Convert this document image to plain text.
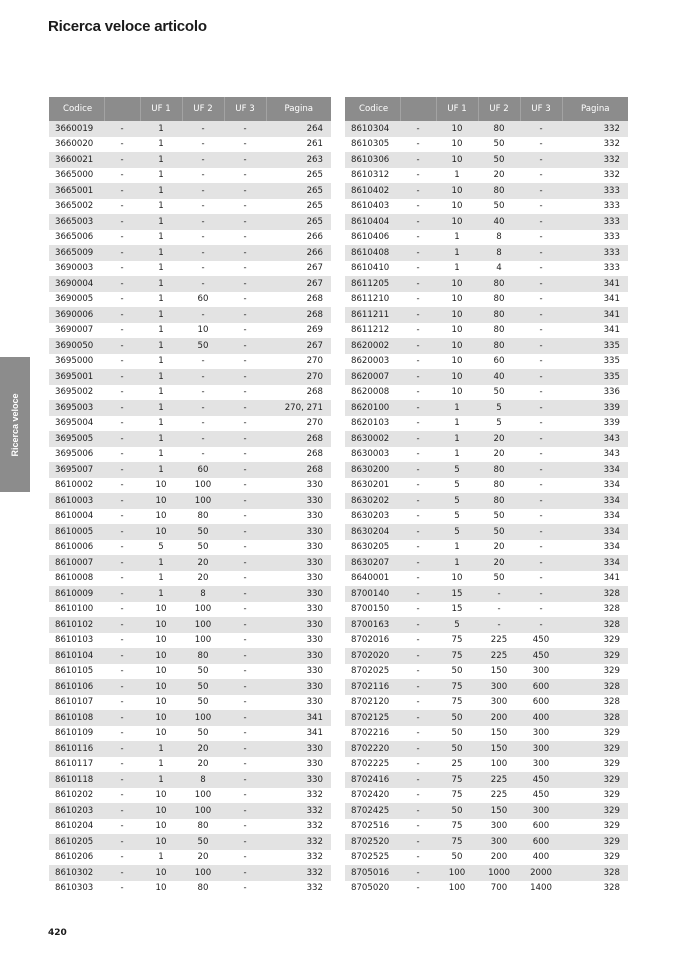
Ricerca veloce articolo
Ricerca veloce
Codice		UF 1	UF 2	UF 3	Pagina
3660019	-	1	-	-	264
3660020	-	1	-	-	261
3660021	-	1	-	-	263
3665000	-	1	-	-	265
3665001	-	1	-	-	265
3665002	-	1	-	-	265
3665003	-	1	-	-	265
3665006	-	1	-	-	266
3665009	-	1	-	-	266
3690003	-	1	-	-	267
3690004	-	1	-	-	267
3690005	-	1	60	-	268
3690006	-	1	-	-	268
3690007	-	1	10	-	269
3690050	-	1	50	-	267
3695000	-	1	-	-	270
3695001	-	1	-	-	270
3695002	-	1	-	-	268
3695003	-	1	-	-	270, 271
3695004	-	1	-	-	270
3695005	-	1	-	-	268
3695006	-	1	-	-	268
3695007	-	1	60	-	268
8610002	-	10	100	-	330
8610003	-	10	100	-	330
8610004	-	10	80	-	330
8610005	-	10	50	-	330
8610006	-	5	50	-	330
8610007	-	1	20	-	330
8610008	-	1	20	-	330
8610009	-	1	8	-	330
8610100	-	10	100	-	330
8610102	-	10	100	-	330
8610103	-	10	100	-	330
8610104	-	10	80	-	330
8610105	-	10	50	-	330
8610106	-	10	50	-	330
8610107	-	10	50	-	330
8610108	-	10	100	-	341
8610109	-	10	50	-	341
8610116	-	1	20	-	330
8610117	-	1	20	-	330
8610118	-	1	8	-	330
8610202	-	10	100	-	332
8610203	-	10	100	-	332
8610204	-	10	80	-	332
8610205	-	10	50	-	332
8610206	-	1	20	-	332
8610302	-	10	100	-	332
8610303	-	10	80	-	332
Codice		UF 1	UF 2	UF 3	Pagina
8610304	-	10	80	-	332
8610305	-	10	50	-	332
8610306	-	10	50	-	332
8610312	-	1	20	-	332
8610402	-	10	80	-	333
8610403	-	10	50	-	333
8610404	-	10	40	-	333
8610406	-	1	8	-	333
8610408	-	1	8	-	333
8610410	-	1	4	-	333
8611205	-	10	80	-	341
8611210	-	10	80	-	341
8611211	-	10	80	-	341
8611212	-	10	80	-	341
8620002	-	10	80	-	335
8620003	-	10	60	-	335
8620007	-	10	40	-	335
8620008	-	10	50	-	336
8620100	-	1	5	-	339
8620103	-	1	5	-	339
8630002	-	1	20	-	343
8630003	-	1	20	-	343
8630200	-	5	80	-	334
8630201	-	5	80	-	334
8630202	-	5	80	-	334
8630203	-	5	50	-	334
8630204	-	5	50	-	334
8630205	-	1	20	-	334
8630207	-	1	20	-	334
8640001	-	10	50	-	341
8700140	-	15	-	-	328
8700150	-	15	-	-	328
8700163	-	5	-	-	328
8702016	-	75	225	450	329
8702020	-	75	225	450	329
8702025	-	50	150	300	329
8702116	-	75	300	600	328
8702120	-	75	300	600	328
8702125	-	50	200	400	328
8702216	-	50	150	300	329
8702220	-	50	150	300	329
8702225	-	25	100	300	329
8702416	-	75	225	450	329
8702420	-	75	225	450	329
8702425	-	50	150	300	329
8702516	-	75	300	600	329
8702520	-	75	300	600	329
8702525	-	50	200	400	329
8705016	-	100	1000	2000	328
8705020	-	100	700	1400	328
420
